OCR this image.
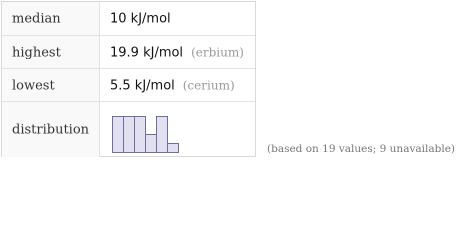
median	10 kJ/mol
highest	19.9 kJ/mol (erbium)
lowest	5.5 kJ/mol (cerium)
distribution
(based on 19 values; 9 unavailable)
